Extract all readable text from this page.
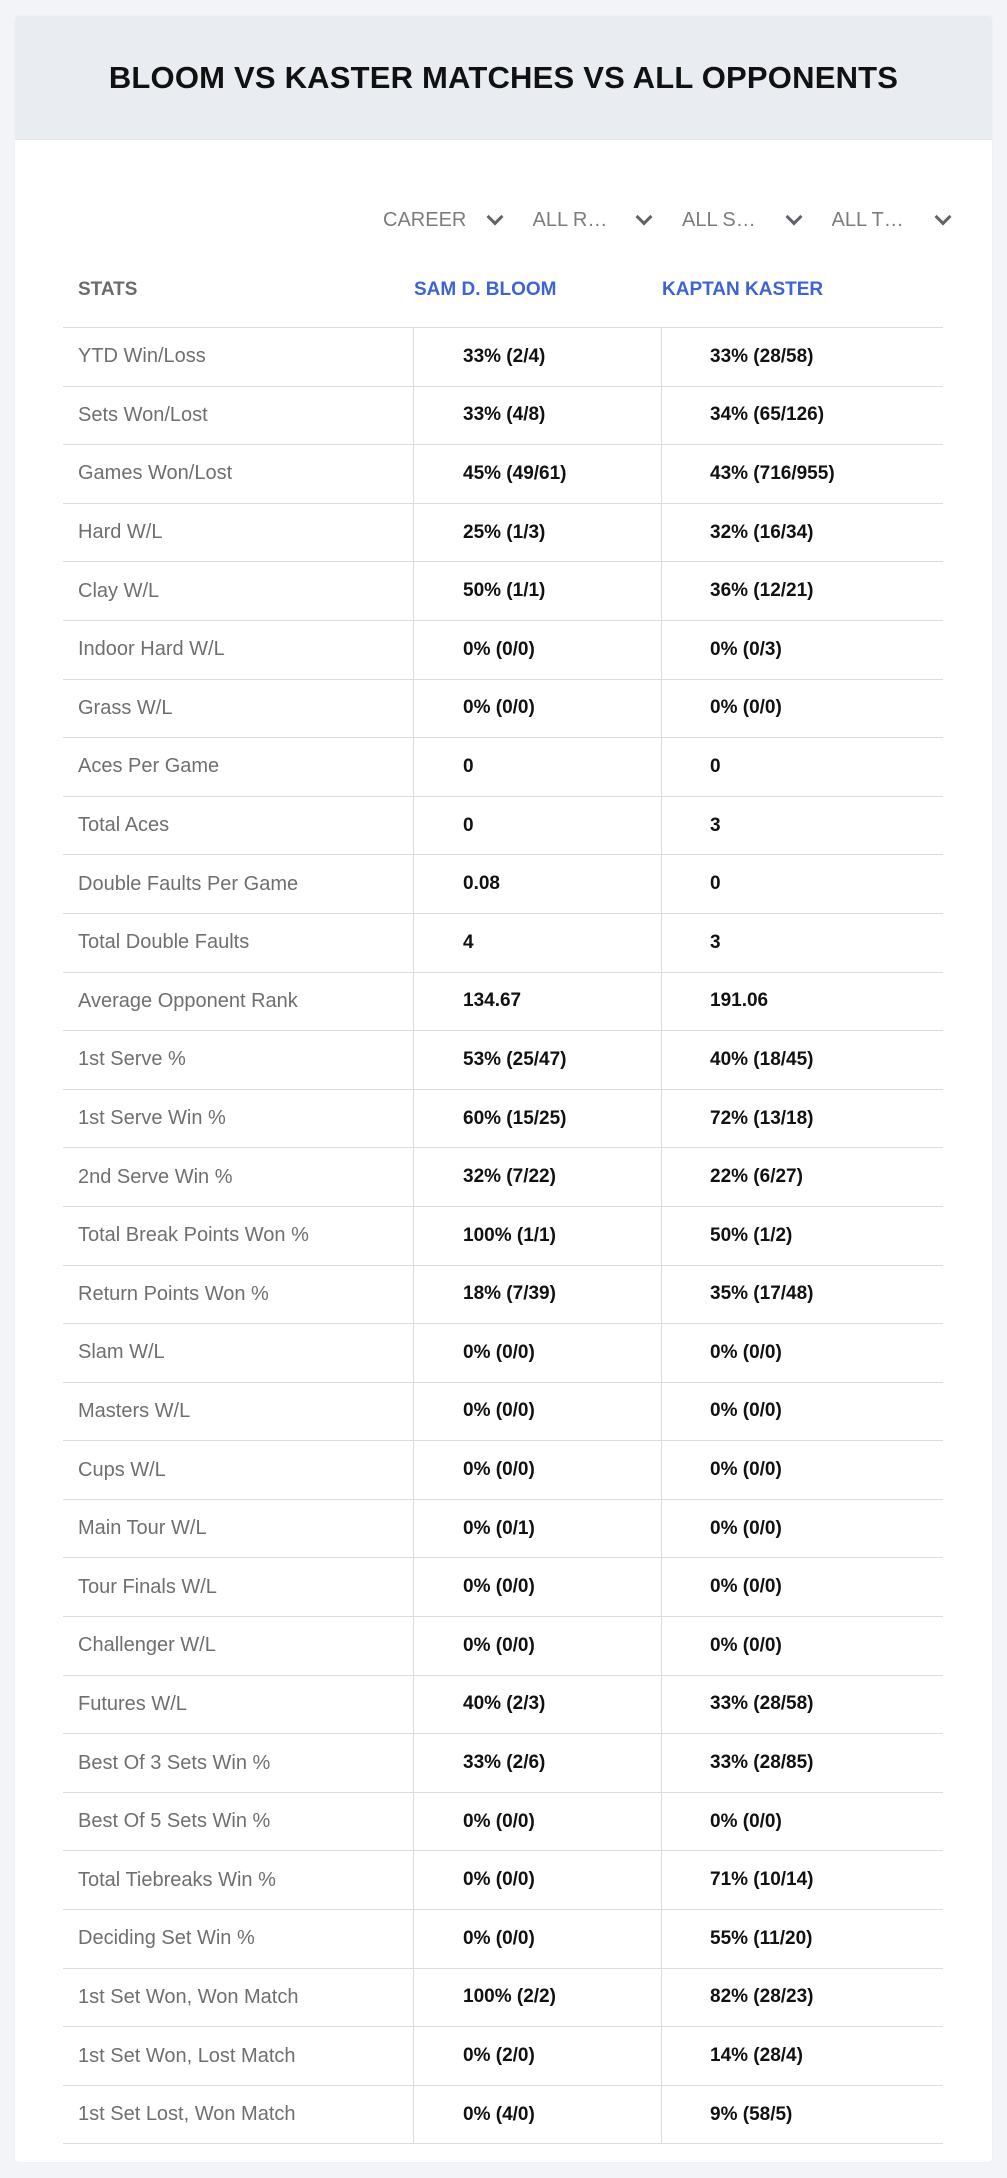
BLOOM VS KASTER MATCHES VS ALL OPPONENTS
CAREER	ALL R…	ALL S…	ALL T…
STATS	SAM D. BLOOM	KAPTAN KASTER
YTD Win/Loss	33% (2/4)	33% (28/58)
Sets Won/Lost	33% (4/8)	34% (65/126)
Games Won/Lost	45% (49/61)	43% (716/955)
Hard W/L	25% (1/3)	32% (16/34)
Clay W/L	50% (1/1)	36% (12/21)
Indoor Hard W/L	0% (0/0)	0% (0/3)
Grass W/L	0% (0/0)	0% (0/0)
Aces Per Game	0	0
Total Aces	0	3
Double Faults Per Game	0.08	0
Total Double Faults	4	3
Average Opponent Rank	134.67	191.06
1st Serve %	53% (25/47)	40% (18/45)
1st Serve Win %	60% (15/25)	72% (13/18)
2nd Serve Win %	32% (7/22)	22% (6/27)
Total Break Points Won %	100% (1/1)	50% (1/2)
Return Points Won %	18% (7/39)	35% (17/48)
Slam W/L	0% (0/0)	0% (0/0)
Masters W/L	0% (0/0)	0% (0/0)
Cups W/L	0% (0/0)	0% (0/0)
Main Tour W/L	0% (0/1)	0% (0/0)
Tour Finals W/L	0% (0/0)	0% (0/0)
Challenger W/L	0% (0/0)	0% (0/0)
Futures W/L	40% (2/3)	33% (28/58)
Best Of 3 Sets Win %	33% (2/6)	33% (28/85)
Best Of 5 Sets Win %	0% (0/0)	0% (0/0)
Total Tiebreaks Win %	0% (0/0)	71% (10/14)
Deciding Set Win %	0% (0/0)	55% (11/20)
1st Set Won, Won Match	100% (2/2)	82% (28/23)
1st Set Won, Lost Match	0% (2/0)	14% (28/4)
1st Set Lost, Won Match	0% (4/0)	9% (58/5)
